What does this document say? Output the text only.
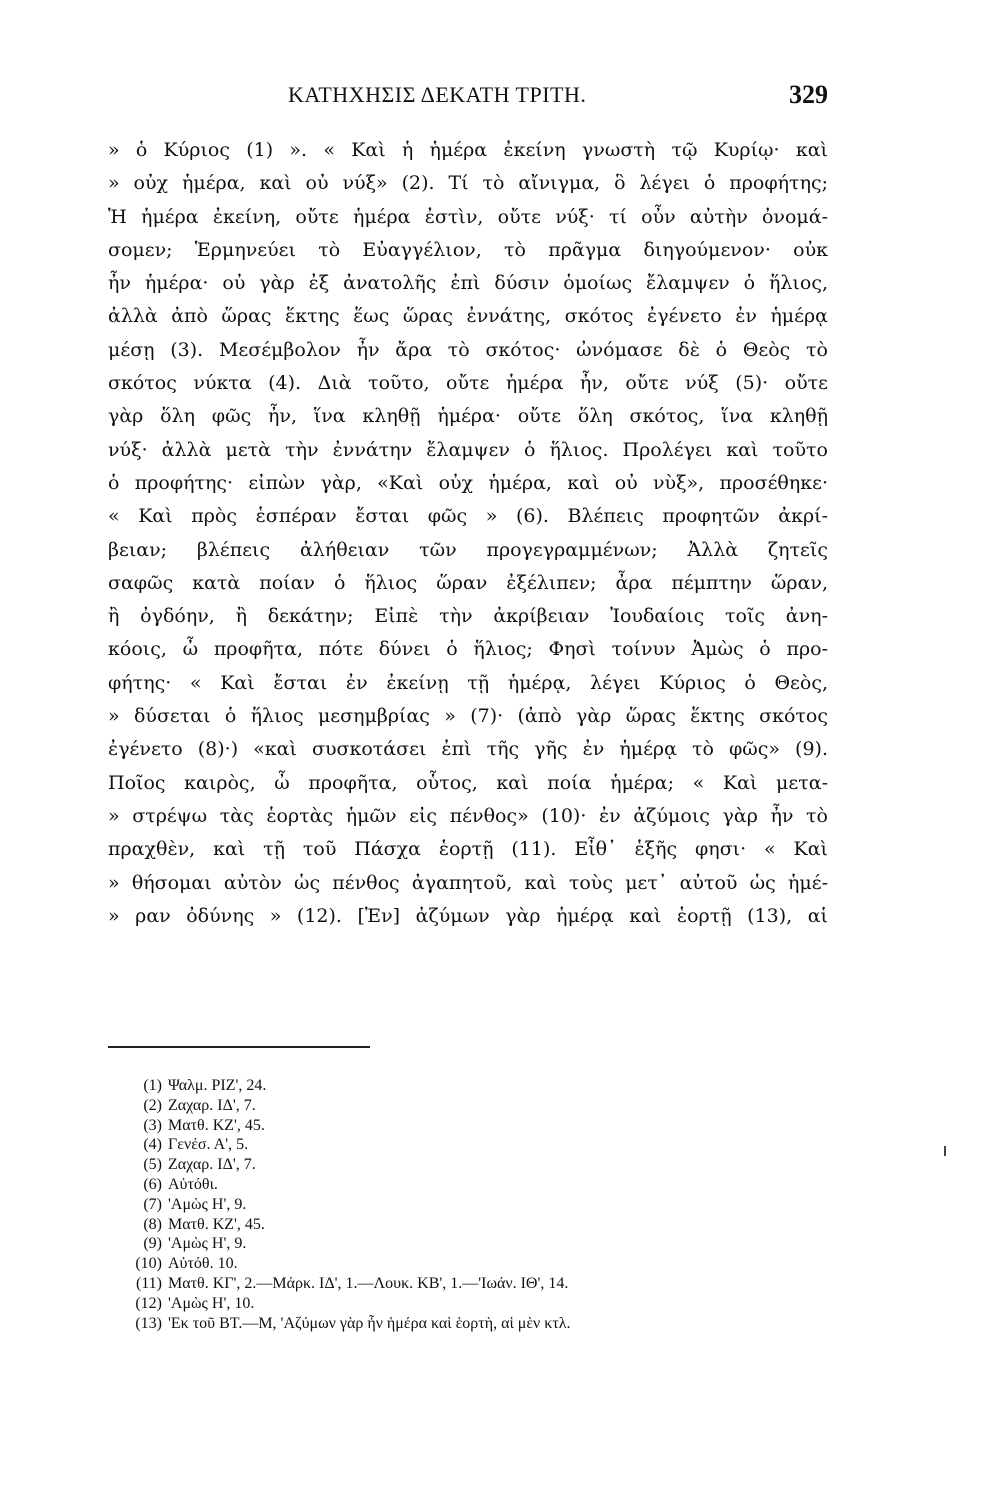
ΚΑΤΗΧΗΣΙΣ ΔΕΚΑΤΗ ΤΡΙΤΗ.	329
» ὁ Κύριος (1) ». « Καὶ ἡ ἡμέρα ἐκείνη γνωστὴ τῷ Κυρίῳ· καὶ
» οὐχ ἡμέρα, καὶ οὐ νύξ» (2). Τί τὸ αἴνιγμα, ὃ λέγει ὁ προφήτης;
Ἡ ἡμέρα ἐκείνη, οὔτε ἡμέρα ἐστὶν, οὔτε νύξ· τί οὖν αὐτὴν ὀνομά-
σομεν; Ἑρμηνεύει τὸ Εὐαγγέλιον, τὸ πρᾶγμα διηγούμενον· οὐκ
ἦν ἡμέρα· οὐ γὰρ ἐξ ἀνατολῆς ἐπὶ δύσιν ὁμοίως ἔλαμψεν ὁ ἥλιος,
ἀλλὰ ἀπὸ ὥρας ἕκτης ἕως ὥρας ἐννάτης, σκότος ἐγένετο ἐν ἡμέρᾳ
μέσῃ (3). Μεσέμβολον ἦν ἄρα τὸ σκότος· ὠνόμασε δὲ ὁ Θεὸς τὸ
σκότος νύκτα (4). Διὰ τοῦτο, οὔτε ἡμέρα ἦν, οὔτε νύξ (5)· οὔτε
γὰρ ὅλη φῶς ἦν, ἵνα κληθῇ ἡμέρα· οὔτε ὅλη σκότος, ἵνα κληθῇ
νύξ· ἀλλὰ μετὰ τὴν ἐννάτην ἔλαμψεν ὁ ἥλιος. Προλέγει καὶ τοῦτο
ὁ προφήτης· εἰπὼν γὰρ, «Καὶ οὐχ ἡμέρα, καὶ οὐ νὺξ», προσέθηκε·
« Καὶ πρὸς ἑσπέραν ἔσται φῶς » (6). Βλέπεις προφητῶν ἀκρί-
βειαν; βλέπεις ἀλήθειαν τῶν προγεγραμμένων; Ἀλλὰ ζητεῖς
σαφῶς κατὰ ποίαν ὁ ἥλιος ὥραν ἐξέλιπεν; ἆρα πέμπτην ὥραν,
ἢ ὀγδόην, ἢ δεκάτην; Εἰπὲ τὴν ἀκρίβειαν Ἰουδαίοις τοῖς ἀνη-
κόοις, ὦ προφῆτα, πότε δύνει ὁ ἥλιος; Φησὶ τοίνυν Ἀμὼς ὁ προ-
φήτης· « Καὶ ἔσται ἐν ἐκείνῃ τῇ ἡμέρᾳ, λέγει Κύριος ὁ Θεὸς,
» δύσεται ὁ ἥλιος μεσημβρίας » (7)· (ἀπὸ γὰρ ὥρας ἕκτης σκότος
ἐγένετο (8)·) «καὶ συσκοτάσει ἐπὶ τῆς γῆς ἐν ἡμέρᾳ τὸ φῶς» (9).
Ποῖος καιρὸς, ὦ προφῆτα, οὗτος, καὶ ποία ἡμέρα; « Καὶ μετα-
» στρέψω τὰς ἑορτὰς ἡμῶν εἰς πένθος» (10)· ἐν ἀζύμοις γὰρ ἦν τὸ
πραχθὲν, καὶ τῇ τοῦ Πάσχα ἑορτῇ (11). Εἶθ᾽ ἑξῆς φησι· « Καὶ
» θήσομαι αὐτὸν ὡς πένθος ἀγαπητοῦ, καὶ τοὺς μετ᾽ αὐτοῦ ὡς ἡμέ-
» ραν ὀδύνης » (12). [Ἐν] ἀζύμων γὰρ ἡμέρᾳ καὶ ἑορτῇ (13), αἱ
(1) Ψαλμ. ΡΙΖ', 24.
(2) Ζαχαρ. ΙΔ', 7.
(3) Ματθ. ΚΖ', 45.
(4) Γενέσ. Α', 5.
(5) Ζαχαρ. ΙΔ', 7.
(6) Αὐτόθι.
(7) 'Αμὼς Η', 9.
(8) Ματθ. ΚΖ', 45.
(9) 'Αμὼς Η', 9.
(10) Αὐτόθ. 10.
(11) Ματθ. ΚΓ', 2.—Μάρκ. ΙΔ', 1.—Λουκ. ΚΒ', 1.—'Ιωάν. ΙΘ', 14.
(12) 'Αμὼς Η', 10.
(13) 'Εκ τοῦ ΒΤ.—Μ, 'Αζύμων γὰρ ἦν ἡμέρα καὶ ἑορτὴ, αἱ μὲν κτλ.
